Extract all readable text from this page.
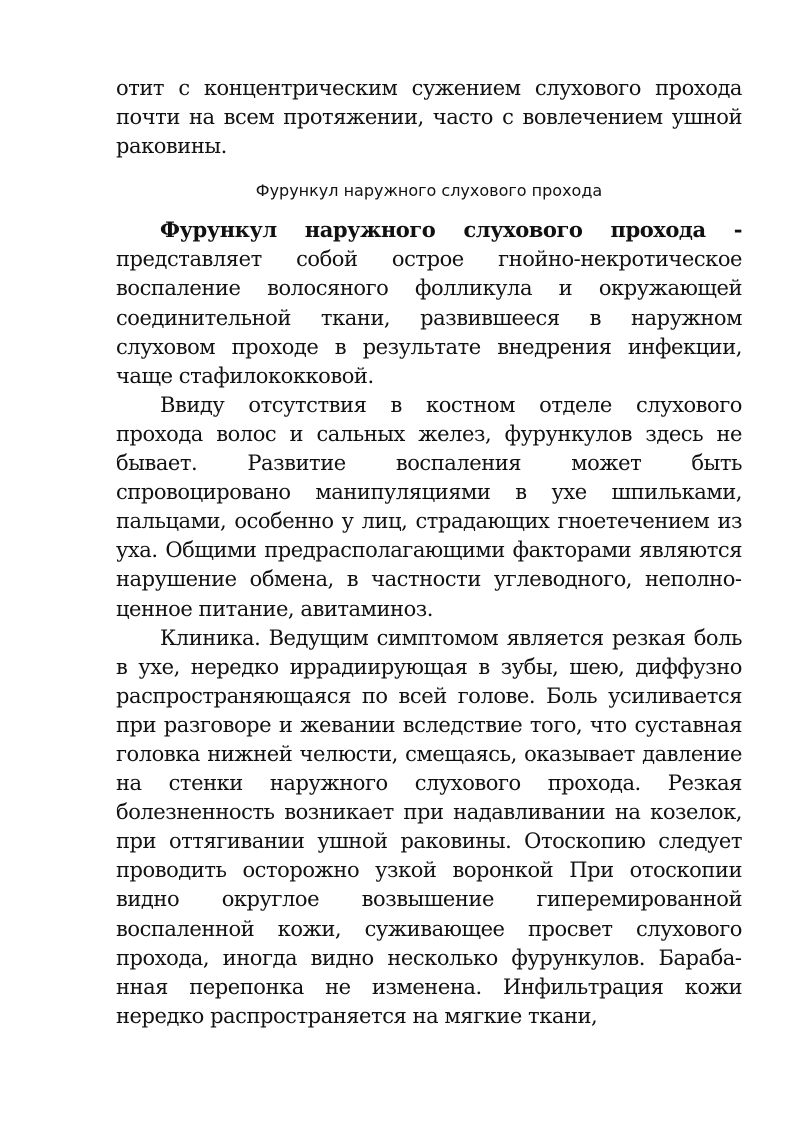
отит с концентрическим сужением слухового прохода почти на всем протяжении, часто с вовлечением ушной раковины.

Фурункул наружного слухового прохода

Фурункул наружного слухового прохода - представляет собой острое гнойно-некротическое воспаление волосяного фолликула и окружающей соединительной ткани, развившееся в наружном слуховом проходе в результате внедрения инфекции, чаще стафилококковой.

Ввиду отсутствия в костном отделе слухового прохода волос и сальных желез, фурункулов здесь не бывает. Развитие воспаления может быть спровоцировано манипуляциями в ухе шпильками, пальцами, особенно у лиц, страдающих гноетечением из уха. Общими предрасполагающими факторами являются нарушение обмена, в частности углеводного, неполноценное питание, авитаминоз.

Клиника. Ведущим симптомом является резкая боль в ухе, нередко иррадиирующая в зубы, шею, диффузно распространяющаяся по всей голове. Боль усиливается при разговоре и жевании вследствие того, что суставная головка нижней челюсти, смещаясь, оказывает давление на стенки наружного слухового прохода. Резкая болезненность возникает при надавливании на козелок, при оттягивании ушной раковины. Отоскопию следует проводить осторожно узкой воронкой При отоскопии видно округлое возвышение гиперемированной воспаленной кожи, суживающее просвет слухового прохода, иногда видно несколько фурункулов. Барабанная перепонка не изменена. Инфильтрация кожи нередко распространяется на мягкие ткани,
